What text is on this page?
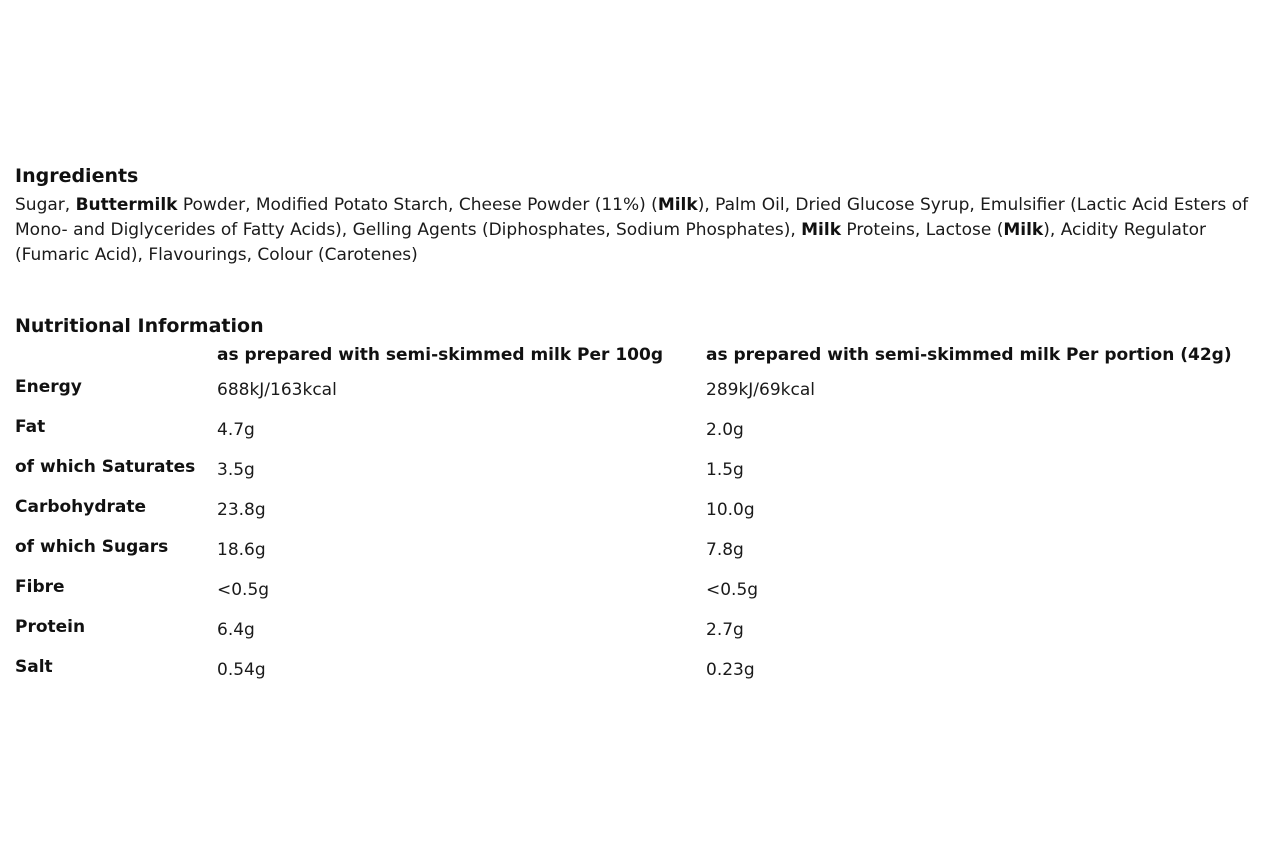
Ingredients
Sugar, Buttermilk Powder, Modified Potato Starch, Cheese Powder (11%) (Milk), Palm Oil, Dried Glucose Syrup, Emulsifier (Lactic Acid Esters of Mono- and Diglycerides of Fatty Acids), Gelling Agents (Diphosphates, Sodium Phosphates), Milk Proteins, Lactose (Milk), Acidity Regulator (Fumaric Acid), Flavourings, Colour (Carotenes)
Nutritional Information
	as prepared with semi-skimmed milk Per 100g	as prepared with semi-skimmed milk Per portion (42g)
Energy	688kJ/163kcal	289kJ/69kcal
Fat	4.7g	2.0g
of which Saturates	3.5g	1.5g
Carbohydrate	23.8g	10.0g
of which Sugars	18.6g	7.8g
Fibre	<0.5g	<0.5g
Protein	6.4g	2.7g
Salt	0.54g	0.23g
